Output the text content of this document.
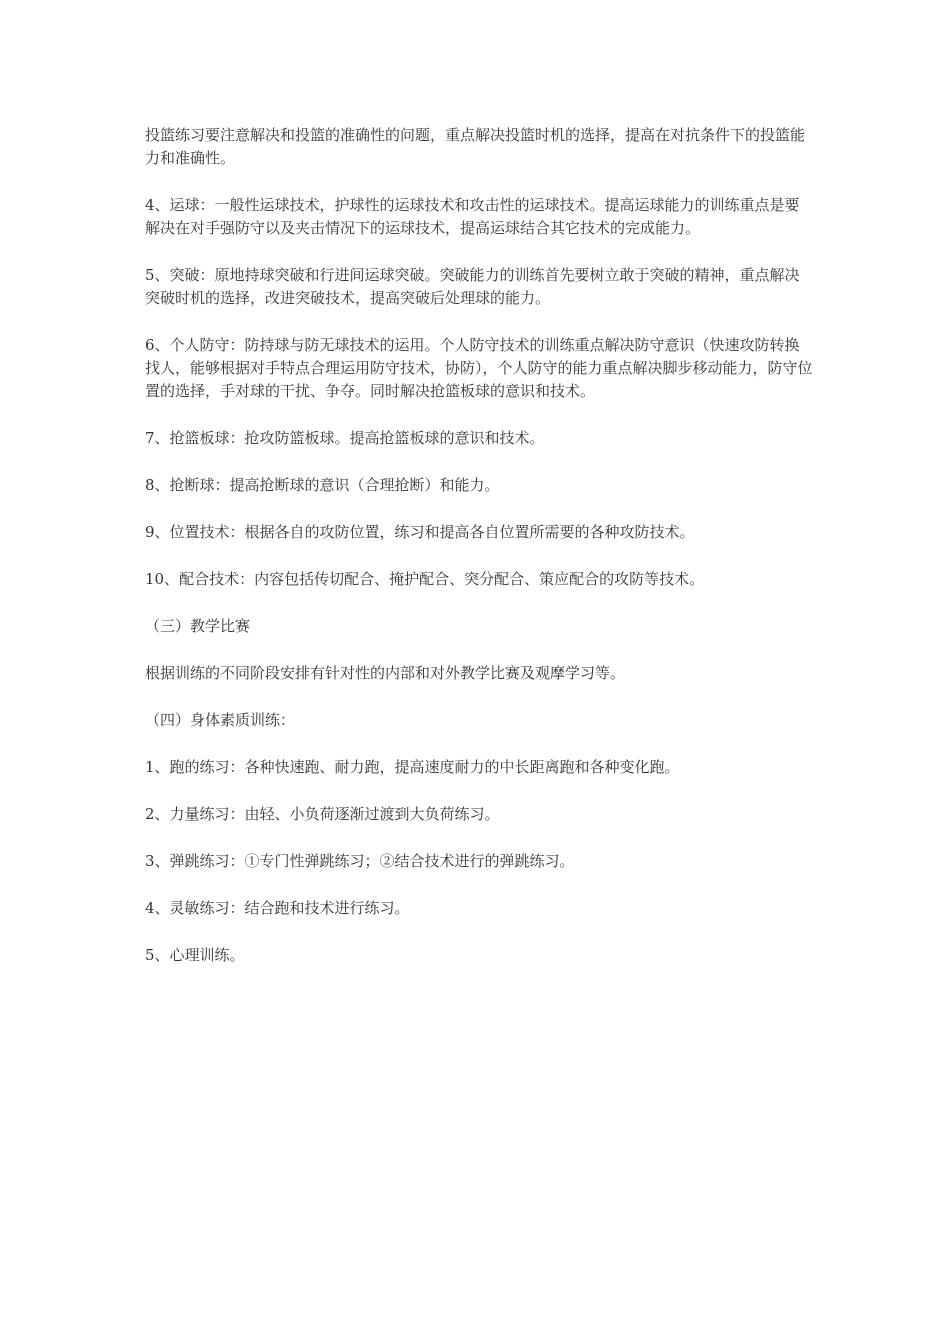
投篮练习要注意解决和投篮的准确性的问题，重点解决投篮时机的选择，提高在对抗条件下的投篮能力和准确性。

4、运球：一般性运球技术，护球性的运球技术和攻击性的运球技术。提高运球能力的训练重点是要解决在对手强防守以及夹击情况下的运球技术，提高运球结合其它技术的完成能力。

5、突破：原地持球突破和行进间运球突破。突破能力的训练首先要树立敢于突破的精神，重点解决突破时机的选择，改进突破技术，提高突破后处理球的能力。

6、个人防守：防持球与防无球技术的运用。个人防守技术的训练重点解决防守意识（快速攻防转换找人，能够根据对手特点合理运用防守技术，协防），个人防守的能力重点解决脚步移动能力，防守位置的选择，手对球的干扰、争夺。同时解决抢篮板球的意识和技术。

7、抢篮板球：抢攻防篮板球。提高抢篮板球的意识和技术。

8、抢断球：提高抢断球的意识（合理抢断）和能力。

9、位置技术：根据各自的攻防位置，练习和提高各自位置所需要的各种攻防技术。

10、配合技术：内容包括传切配合、掩护配合、突分配合、策应配合的攻防等技术。

（三）教学比赛

根据训练的不同阶段安排有针对性的内部和对外教学比赛及观摩学习等。

（四）身体素质训练：

1、跑的练习：各种快速跑、耐力跑，提高速度耐力的中长距离跑和各种变化跑。

2、力量练习：由轻、小负荷逐渐过渡到大负荷练习。

3、弹跳练习：①专门性弹跳练习；②结合技术进行的弹跳练习。

4、灵敏练习：结合跑和技术进行练习。

5、心理训练。
